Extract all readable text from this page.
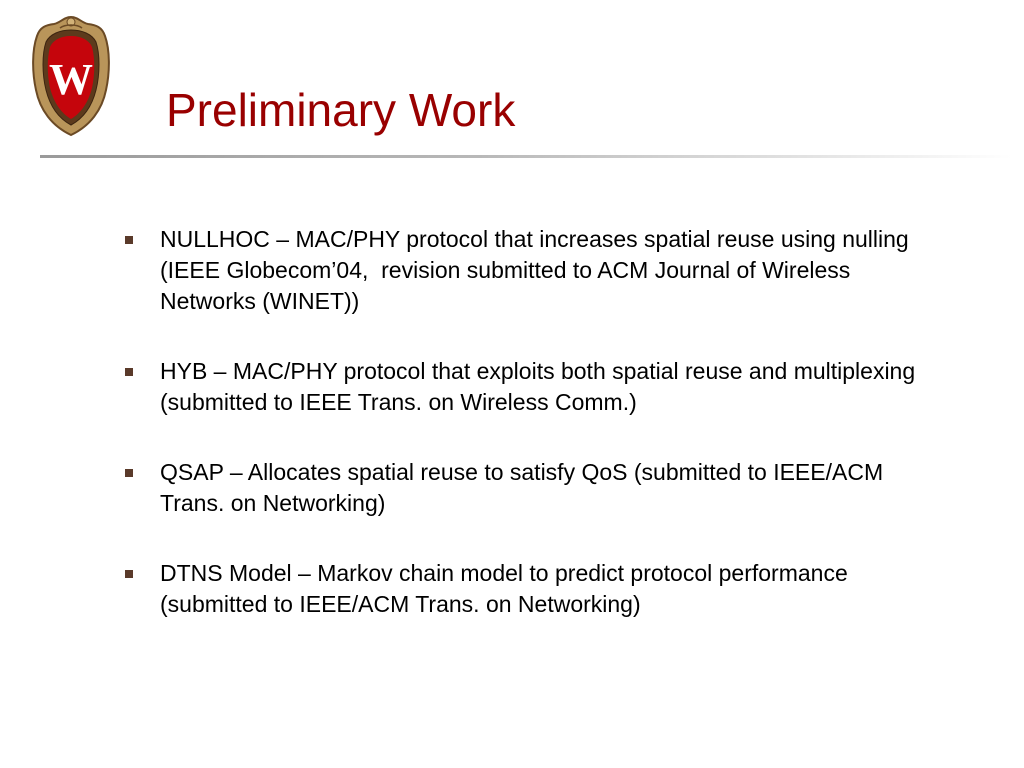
W
Preliminary Work
NULLHOC – MAC/PHY protocol that increases spatial reuse using nulling (IEEE Globecom’04,  revision submitted to ACM Journal of Wireless Networks (WINET))
HYB – MAC/PHY protocol that exploits both spatial reuse and multiplexing (submitted to IEEE Trans. on Wireless Comm.)
QSAP – Allocates spatial reuse to satisfy QoS (submitted to IEEE/ACM Trans. on Networking)
DTNS Model – Markov chain model to predict protocol performance (submitted to IEEE/ACM Trans. on Networking)
